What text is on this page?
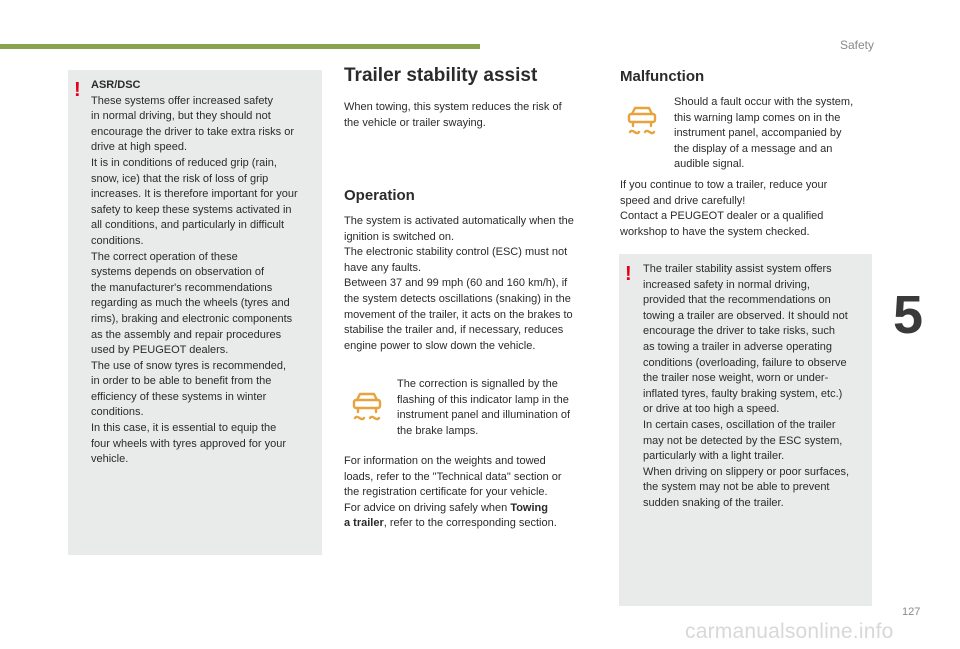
Safety
5
127
carmanualsonline.info
! ASR/DSC

These systems offer increased safety

in normal driving, but they should not

encourage the driver to take extra risks or

drive at high speed.

It is in conditions of reduced grip (rain,

snow, ice) that the risk of loss of grip

increases. It is therefore important for your

safety to keep these systems activated in

all conditions, and particularly in difficult

conditions.

The correct operation of these

systems depends on observation of

the manufacturer's recommendations

regarding as much the wheels (tyres and

rims), braking and electronic components

as the assembly and repair procedures

used by PEUGEOT dealers.

The use of snow tyres is recommended,

in order to be able to benefit from the

efficiency of these systems in winter

conditions.

In this case, it is essential to equip the

four wheels with tyres approved for your

vehicle.

Trailer stability assist

When towing, this system reduces the risk of

the vehicle or trailer swaying.

Operation

The system is activated automatically when the

ignition is switched on.

The electronic stability control (ESC) must not

have any faults.

Between 37 and 99 mph (60 and 160 km/h), if

the system detects oscillations (snaking) in the

movement of the trailer, it acts on the brakes to

stabilise the trailer and, if necessary, reduces

engine power to slow down the vehicle.

The correction is signalled by the

flashing of this indicator lamp in the

instrument panel and illumination of

the brake lamps.

For information on the weights and towed

loads, refer to the "Technical data" section or

the registration certificate for your vehicle.

For advice on driving safely when Towing

a trailer, refer to the corresponding section.

Malfunction

Should a fault occur with the system,

this warning lamp comes on in the

instrument panel, accompanied by

the display of a message and an

audible signal.

If you continue to tow a trailer, reduce your

speed and drive carefully!

Contact a PEUGEOT dealer or a qualified

workshop to have the system checked.

! The trailer stability assist system offers

increased safety in normal driving,

provided that the recommendations on

towing a trailer are observed. It should not

encourage the driver to take risks, such

as towing a trailer in adverse operating

conditions (overloading, failure to observe

the trailer nose weight, worn or under-

inflated tyres, faulty braking system, etc.)

or drive at too high a speed.

In certain cases, oscillation of the trailer

may not be detected by the ESC system,

particularly with a light trailer.

When driving on slippery or poor surfaces,

the system may not be able to prevent

sudden snaking of the trailer.
